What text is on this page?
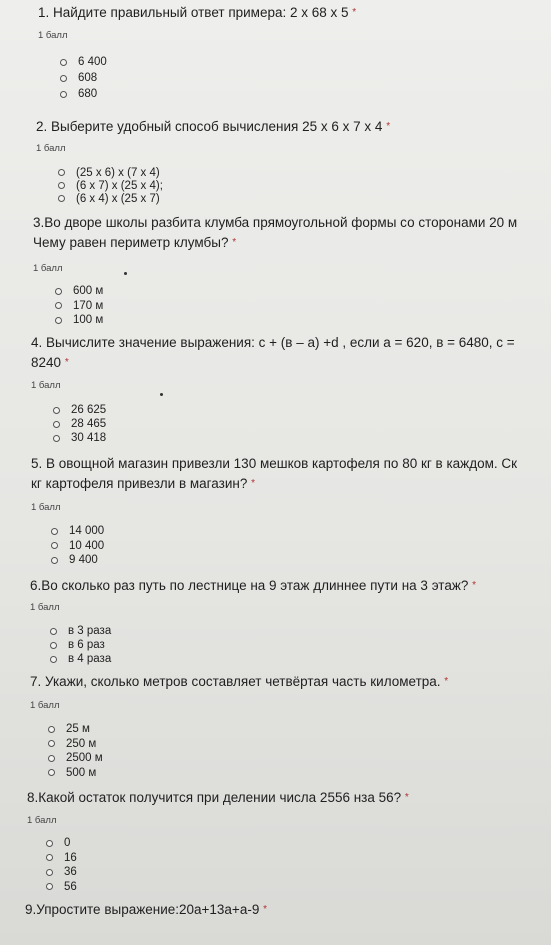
1. Найдите правильный ответ примера: 2 х 68 х 5 *
1 балл
6 400
608
680
2. Выберите удобный способ вычисления 25 х 6 х 7 х 4 *
1 балл
(25 х 6) х (7 х 4)
(6 х 7) х (25 х 4);
(6 х 4) х (25 х 7)
3.Во дворе школы разбита клумба прямоугольной формы со сторонами 20 м
Чему равен периметр клумбы? *
1 балл
600 м
170 м
100 м
4. Вычислите значение выражения: с + (в – а) +d , если а = 620, в = 6480, с =
8240 *
1 балл
26 625
28 465
30 418
5. В овощной магазин привезли 130 мешков картофеля по 80 кг в каждом. Ск
кг картофеля привезли в магазин? *
1 балл
14 000
10 400
9 400
6.Во сколько раз путь по лестнице на 9 этаж длиннее пути на 3 этаж? *
1 балл
в 3 раза
в 6 раз
в 4 раза
7. Укажи, сколько метров составляет четвёртая часть километра. *
1 балл
25 м
250 м
2500 м
500 м
8.Какой остаток получится при делении числа 2556 нза 56? *
1 балл
0
16
36
56
9.Упростите выражение:20а+13а+а-9 *
